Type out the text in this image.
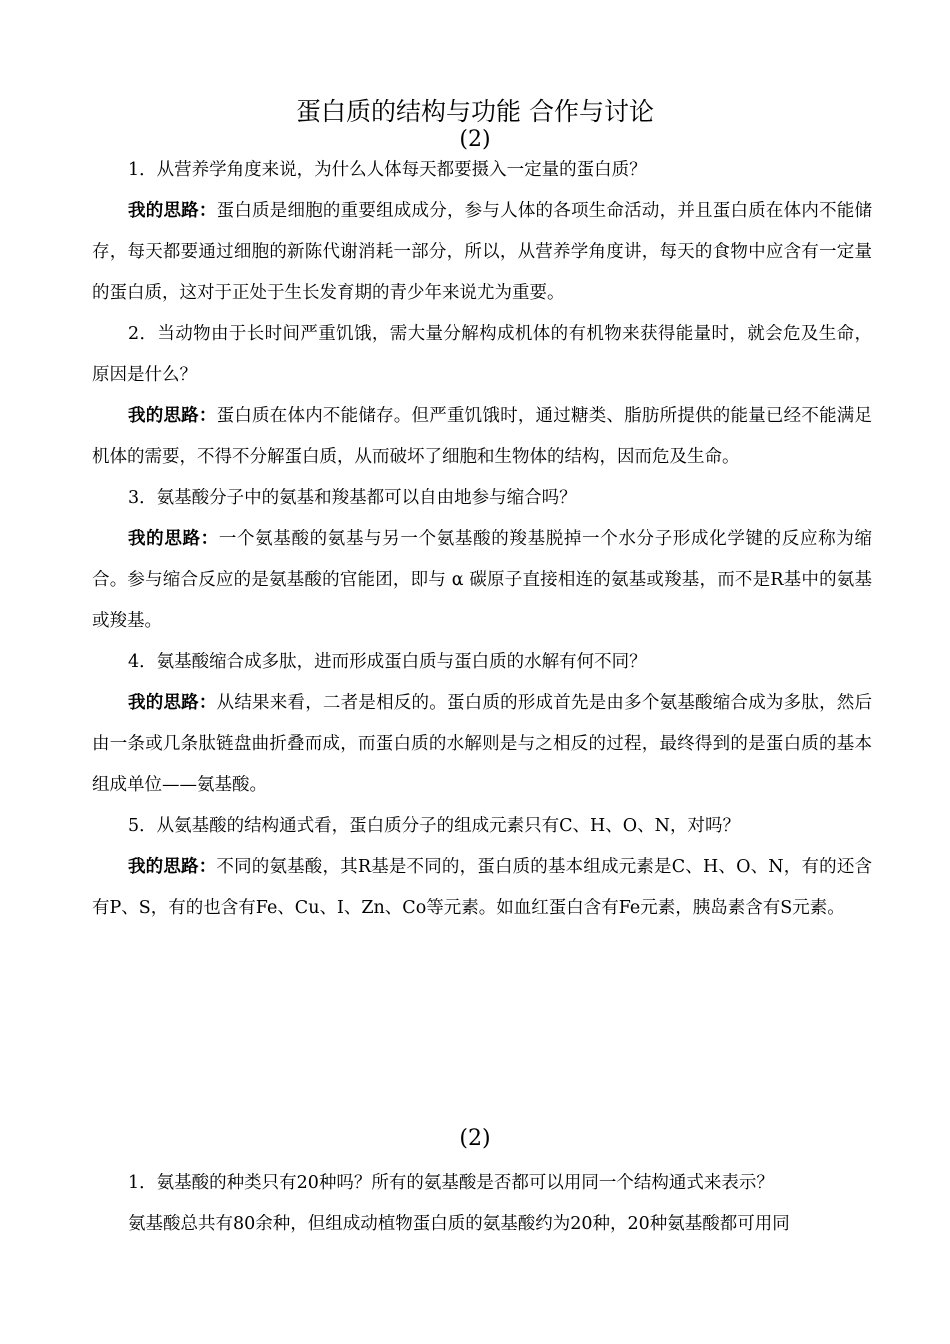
蛋白质的结构与功能 合作与讨论
(2)

1．从营养学角度来说，为什么人体每天都要摄入一定量的蛋白质？

我的思路：蛋白质是细胞的重要组成成分，参与人体的各项生命活动，并且蛋白质在体内不能储存，每天都要通过细胞的新陈代谢消耗一部分，所以，从营养学角度讲，每天的食物中应含有一定量的蛋白质，这对于正处于生长发育期的青少年来说尤为重要。

2．当动物由于长时间严重饥饿，需大量分解构成机体的有机物来获得能量时，就会危及生命，原因是什么？

我的思路：蛋白质在体内不能储存。但严重饥饿时，通过糖类、脂肪所提供的能量已经不能满足机体的需要，不得不分解蛋白质，从而破坏了细胞和生物体的结构，因而危及生命。

3．氨基酸分子中的氨基和羧基都可以自由地参与缩合吗？

我的思路：一个氨基酸的氨基与另一个氨基酸的羧基脱掉一个水分子形成化学键的反应称为缩合。参与缩合反应的是氨基酸的官能团，即与 α 碳原子直接相连的氨基或羧基，而不是R基中的氨基或羧基。

4．氨基酸缩合成多肽，进而形成蛋白质与蛋白质的水解有何不同？

我的思路：从结果来看，二者是相反的。蛋白质的形成首先是由多个氨基酸缩合成为多肽，然后由一条或几条肽链盘曲折叠而成，而蛋白质的水解则是与之相反的过程，最终得到的是蛋白质的基本组成单位——氨基酸。

5．从氨基酸的结构通式看，蛋白质分子的组成元素只有C、H、O、N，对吗？

我的思路：不同的氨基酸，其R基是不同的，蛋白质的基本组成元素是C、H、O、N，有的还含有P、S，有的也含有Fe、Cu、I、Zn、Co等元素。如血红蛋白含有Fe元素，胰岛素含有S元素。

(2)

1．氨基酸的种类只有20种吗？所有的氨基酸是否都可以用同一个结构通式来表示？

氨基酸总共有80余种，但组成动植物蛋白质的氨基酸约为20种，20种氨基酸都可用同
